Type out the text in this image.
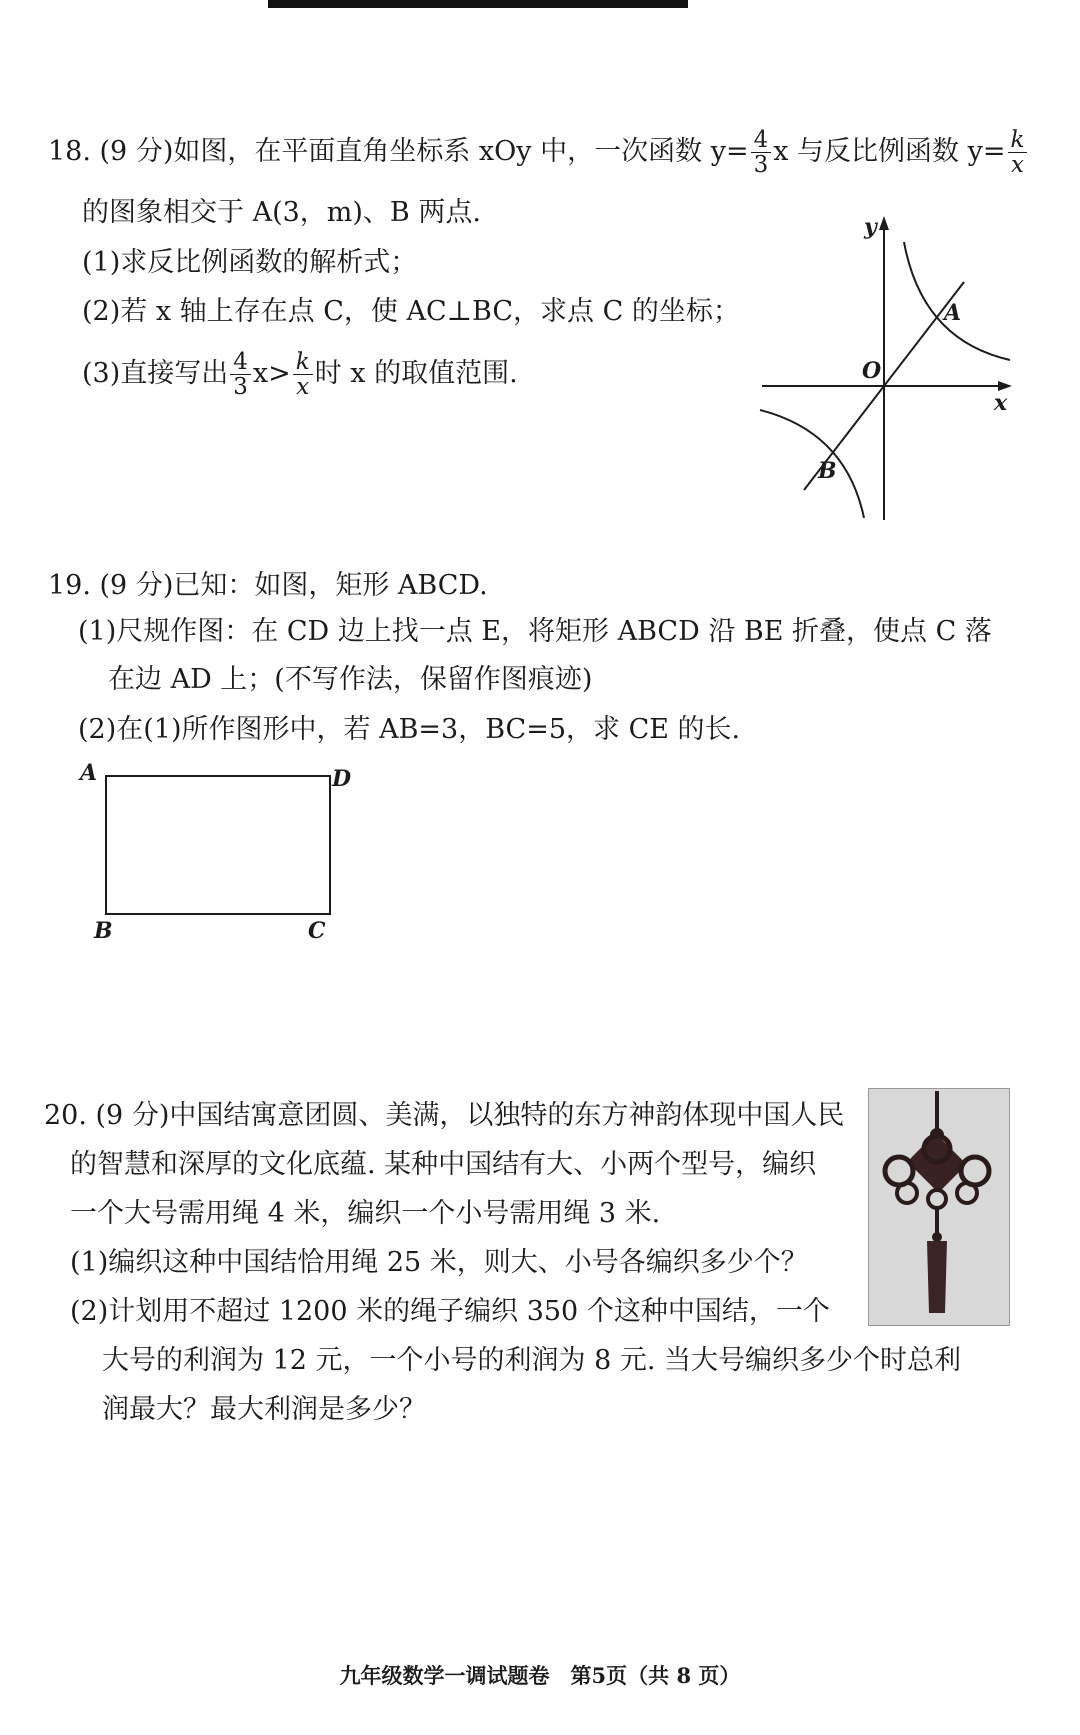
18. (9 分)如图，在平面直角坐标系 xOy 中，一次函数 $y= \frac{4}{3}$ x 与反比例函数 $y= \frac{k}{x}$
的图象相交于 A(3，m)、B 两点.
(1)求反比例函数的解析式；
(2)若 x 轴上存在点 C，使 AC⊥BC，求点 C 的坐标；
(3)直接写出 $\frac{4}{3} x> \frac{k}{x}$ 时 x 的取值范围.
y
x
O
A
B
19. (9 分)已知：如图，矩形 ABCD.
(1)尺规作图：在 CD 边上找一点 E，将矩形 ABCD 沿 BE 折叠，使点 C 落
在边 AD 上；(不写作法，保留作图痕迹)
(2)在(1)所作图形中，若 AB=3，BC=5，求 CE 的长.
A	D
B	C
20. (9 分)中国结寓意团圆、美满，以独特的东方神韵体现中国人民
的智慧和深厚的文化底蕴. 某种中国结有大、小两个型号，编织
一个大号需用绳 4 米，编织一个小号需用绳 3 米.
(1)编织这种中国结恰用绳 25 米，则大、小号各编织多少个？
(2)计划用不超过 1200 米的绳子编织 350 个这种中国结，一个
大号的利润为 12 元，一个小号的利润为 8 元. 当大号编织多少个时总利
润最大？最大利润是多少？
九年级数学一调试题卷　第5页（共 8 页）
